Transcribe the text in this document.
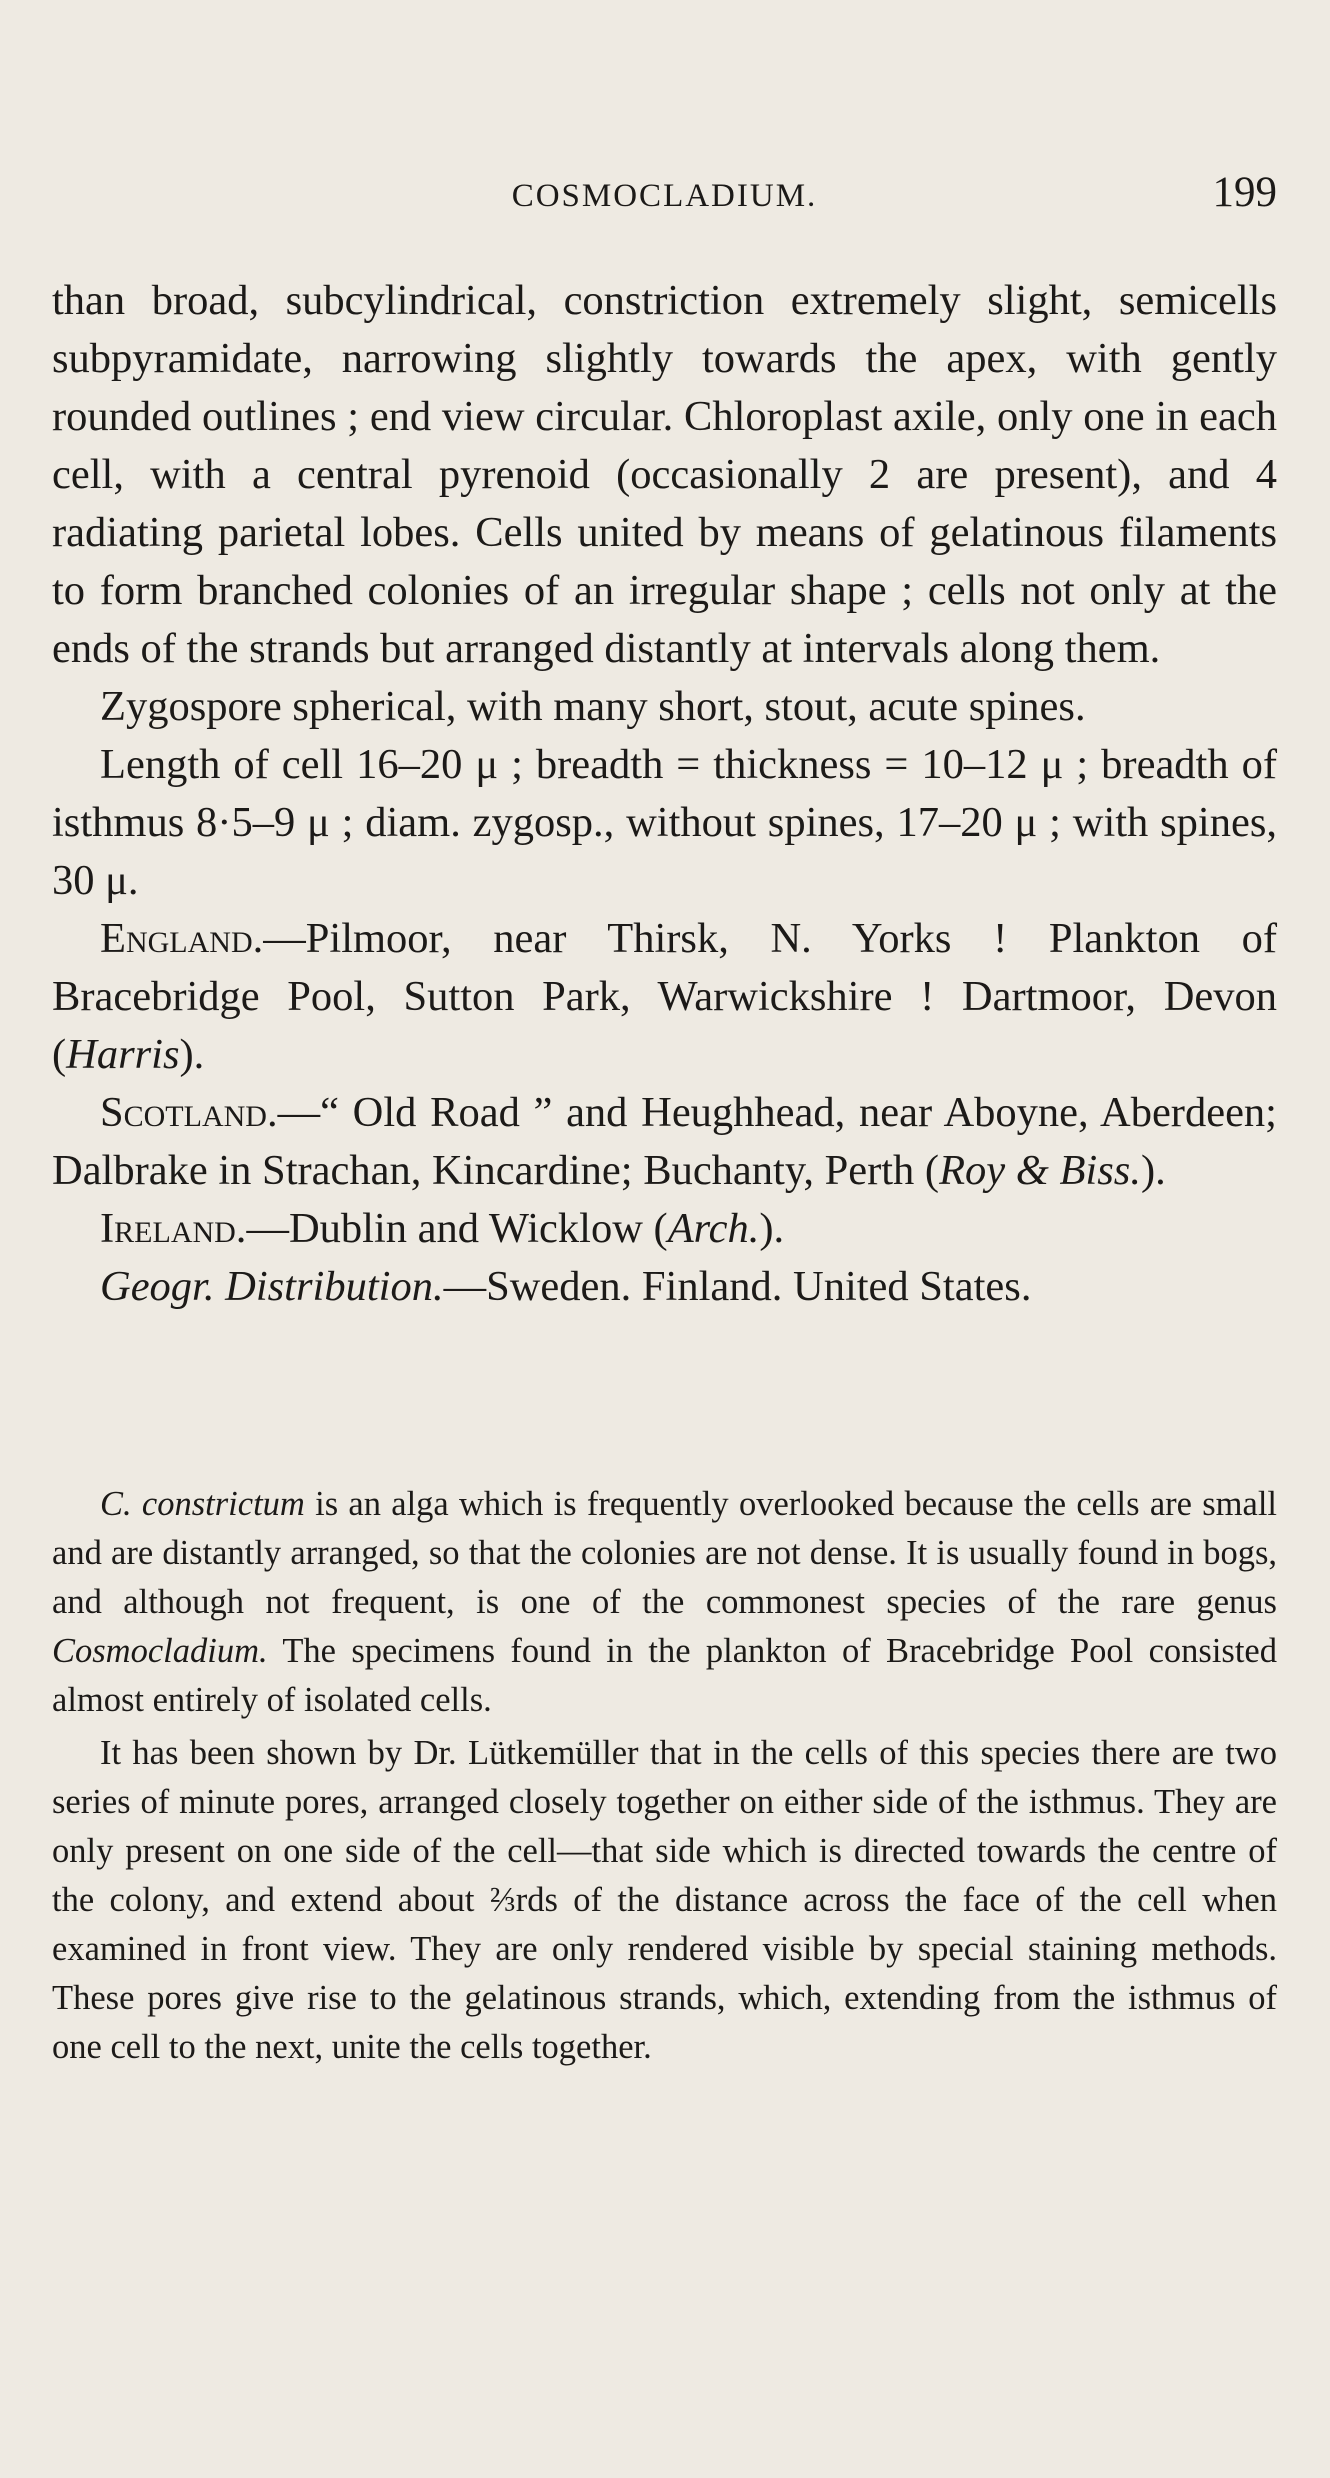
COSMOCLADIUM.	199

than broad, subcylindrical, constriction extremely slight, semicells subpyramidate, narrowing slightly towards the apex, with gently rounded outlines ; end view circular. Chloroplast axile, only one in each cell, with a central pyrenoid (occasionally 2 are present), and 4 radiating parietal lobes. Cells united by means of gelatinous filaments to form branched colonies of an irregular shape ; cells not only at the ends of the strands but arranged distantly at intervals along them.

Zygospore spherical, with many short, stout, acute spines.

Length of cell 16–20 μ ; breadth = thickness = 10–12 μ ; breadth of isthmus 8·5–9 μ ; diam. zygosp., without spines, 17–20 μ ; with spines, 30 μ.

England.—Pilmoor, near Thirsk, N. Yorks ! Plankton of Bracebridge Pool, Sutton Park, Warwickshire ! Dartmoor, Devon (Harris).

Scotland.—“ Old Road ” and Heughhead, near Aboyne, Aberdeen; Dalbrake in Strachan, Kincardine; Buchanty, Perth (Roy & Biss.).

Ireland.—Dublin and Wicklow (Arch.).

Geogr. Distribution.—Sweden. Finland. United States.

C. constrictum is an alga which is frequently overlooked because the cells are small and are distantly arranged, so that the colonies are not dense. It is usually found in bogs, and although not frequent, is one of the commonest species of the rare genus Cosmocladium. The specimens found in the plankton of Bracebridge Pool consisted almost entirely of isolated cells.

It has been shown by Dr. Lütkemüller that in the cells of this species there are two series of minute pores, arranged closely together on either side of the isthmus. They are only present on one side of the cell—that side which is directed towards the centre of the colony, and extend about ⅔rds of the distance across the face of the cell when examined in front view. They are only rendered visible by special staining methods. These pores give rise to the gelatinous strands, which, extending from the isthmus of one cell to the next, unite the cells together.
